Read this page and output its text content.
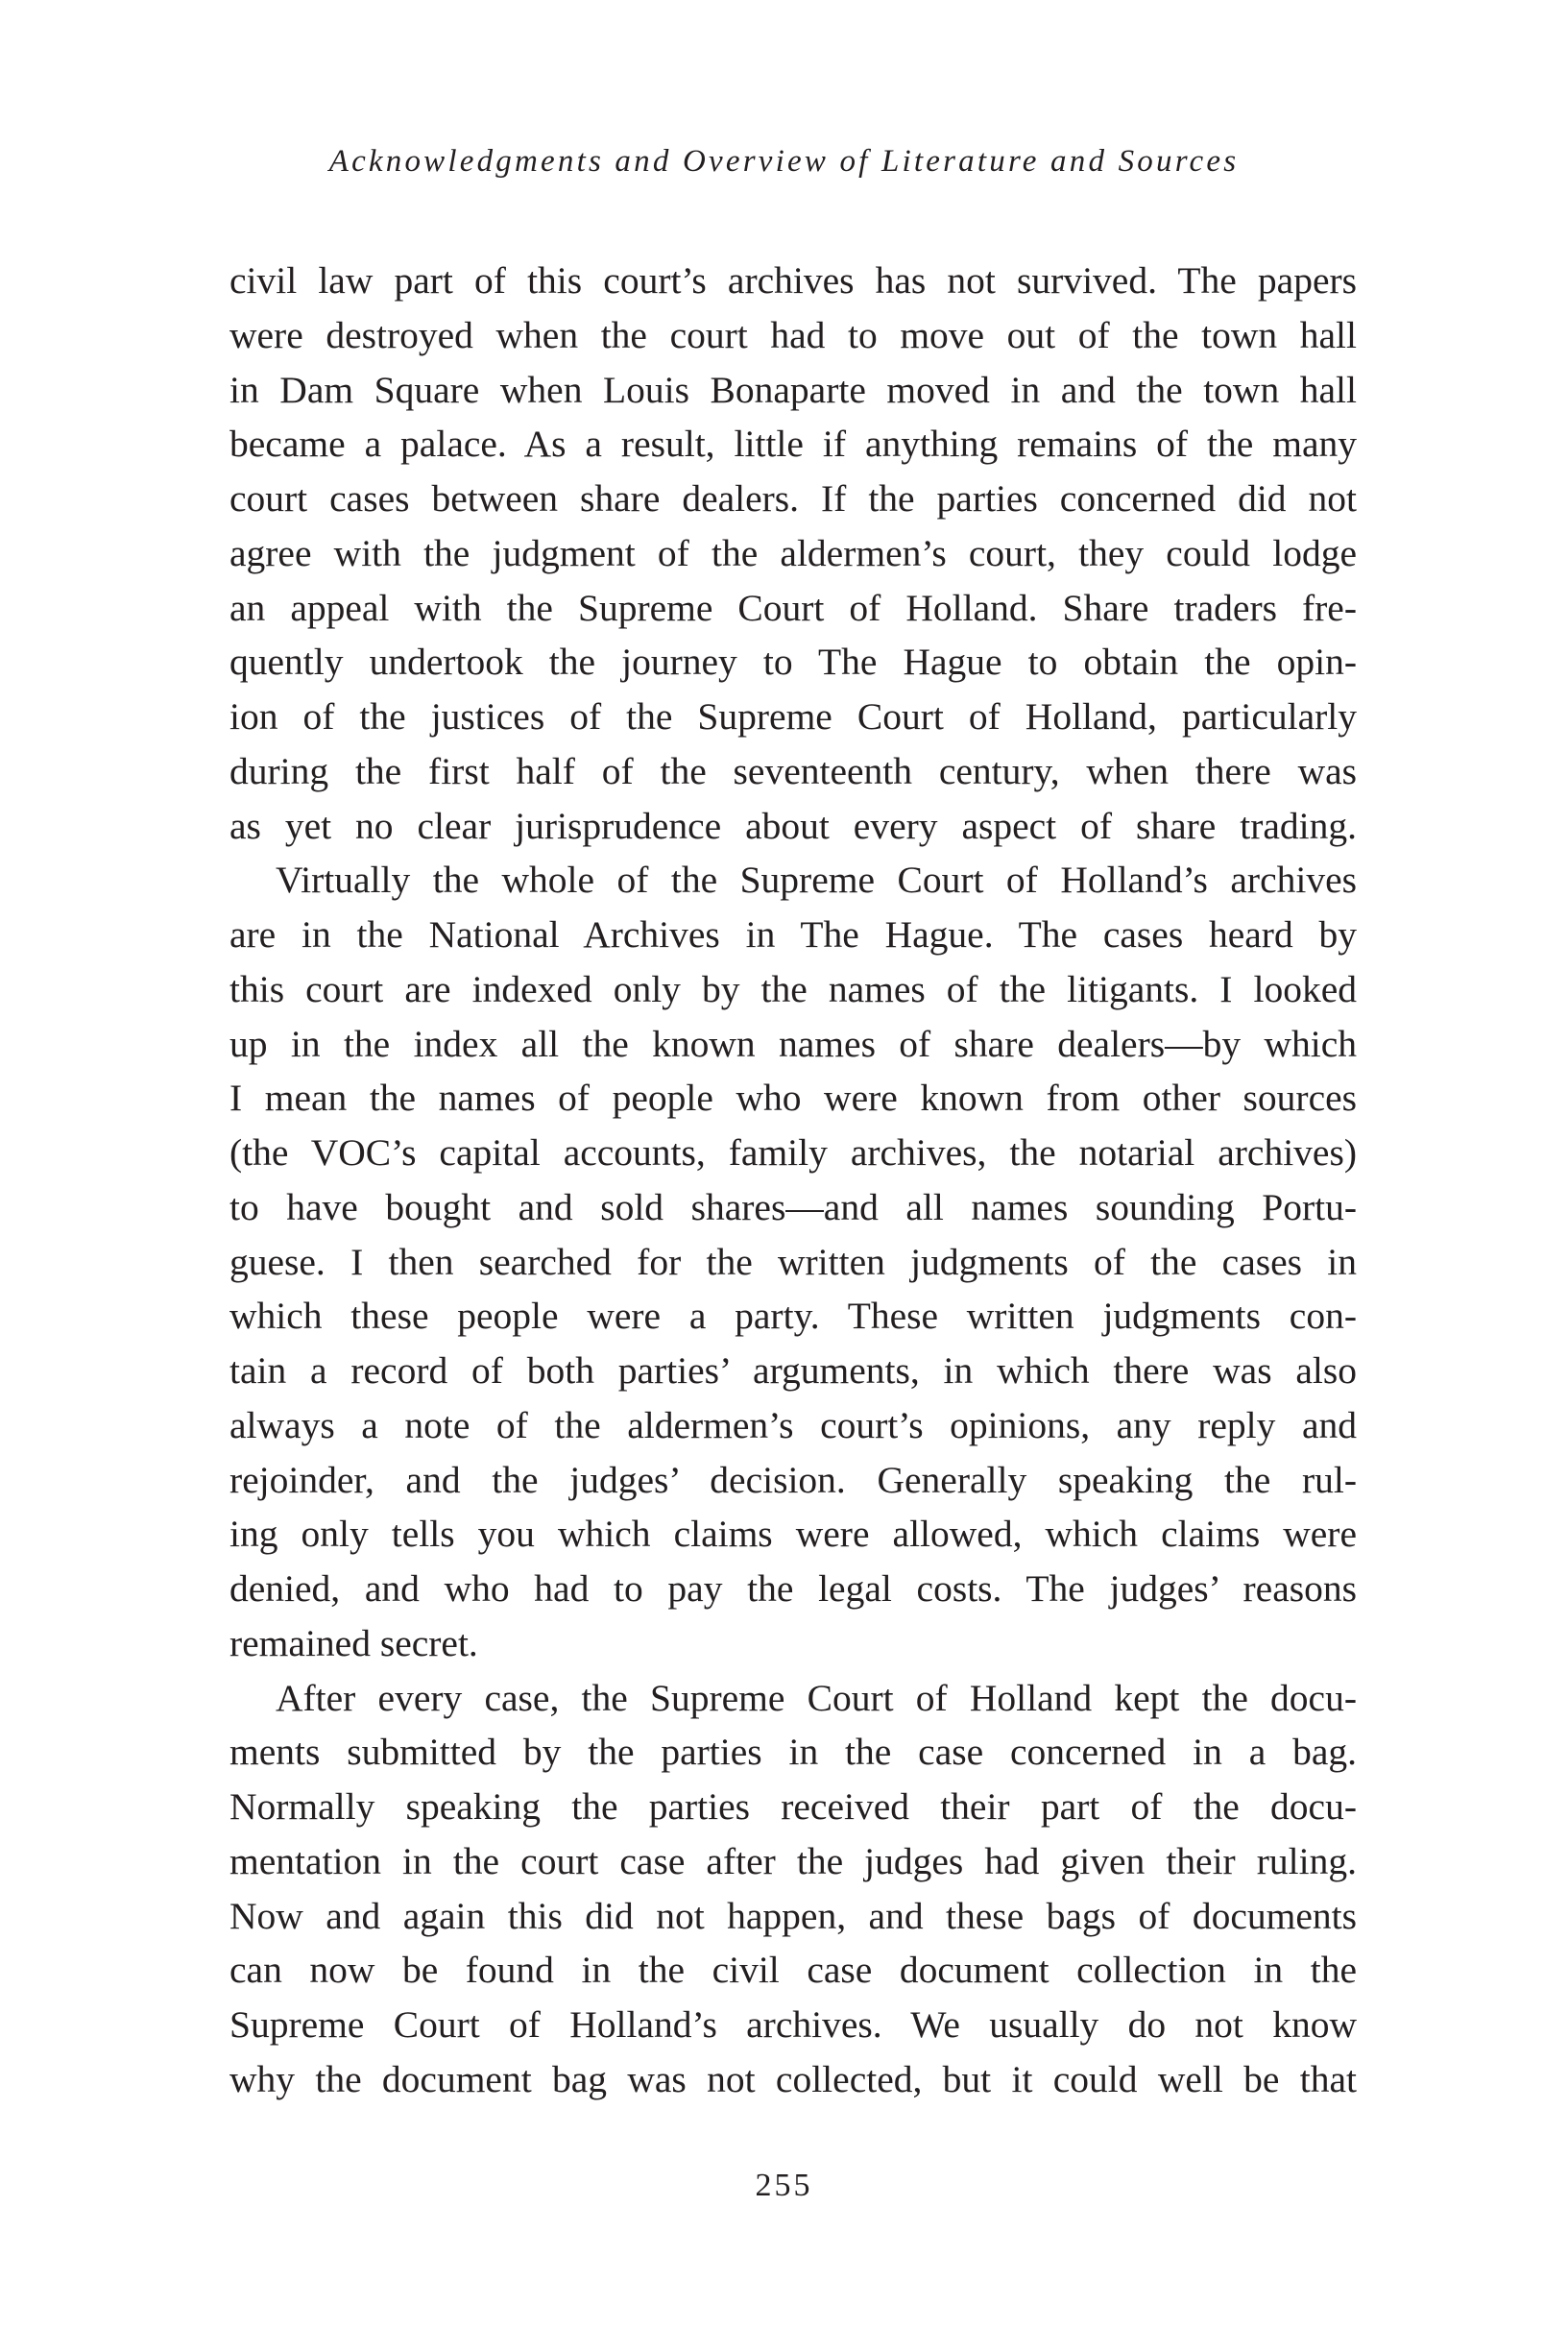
Acknowledgments and Overview of Literature and Sources
civil law part of this court’s archives has not survived. The papers
were destroyed when the court had to move out of the town hall
in Dam Square when Louis Bonaparte moved in and the town hall
became a palace. As a result, little if anything remains of the many
court cases between share dealers. If the parties concerned did not
agree with the judgment of the aldermen’s court, they could lodge
an appeal with the Supreme Court of Holland. Share traders fre-
quently undertook the journey to The Hague to obtain the opin-
ion of the justices of the Supreme Court of Holland, particularly
during the first half of the seventeenth century, when there was
as yet no clear jurisprudence about every aspect of share trading.
Virtually the whole of the Supreme Court of Holland’s archives
are in the National Archives in The Hague. The cases heard by
this court are indexed only by the names of the litigants. I looked
up in the index all the known names of share dealers—by which
I mean the names of people who were known from other sources
(the VOC’s capital accounts, family archives, the notarial archives)
to have bought and sold shares—and all names sounding Portu-
guese. I then searched for the written judgments of the cases in
which these people were a party. These written judgments con-
tain a record of both parties’ arguments, in which there was also
always a note of the aldermen’s court’s opinions, any reply and
rejoinder, and the judges’ decision. Generally speaking the rul-
ing only tells you which claims were allowed, which claims were
denied, and who had to pay the legal costs. The judges’ reasons
remained secret.
After every case, the Supreme Court of Holland kept the docu-
ments submitted by the parties in the case concerned in a bag.
Normally speaking the parties received their part of the docu-
mentation in the court case after the judges had given their ruling.
Now and again this did not happen, and these bags of documents
can now be found in the civil case document collection in the
Supreme Court of Holland’s archives. We usually do not know
why the document bag was not collected, but it could well be that
255
